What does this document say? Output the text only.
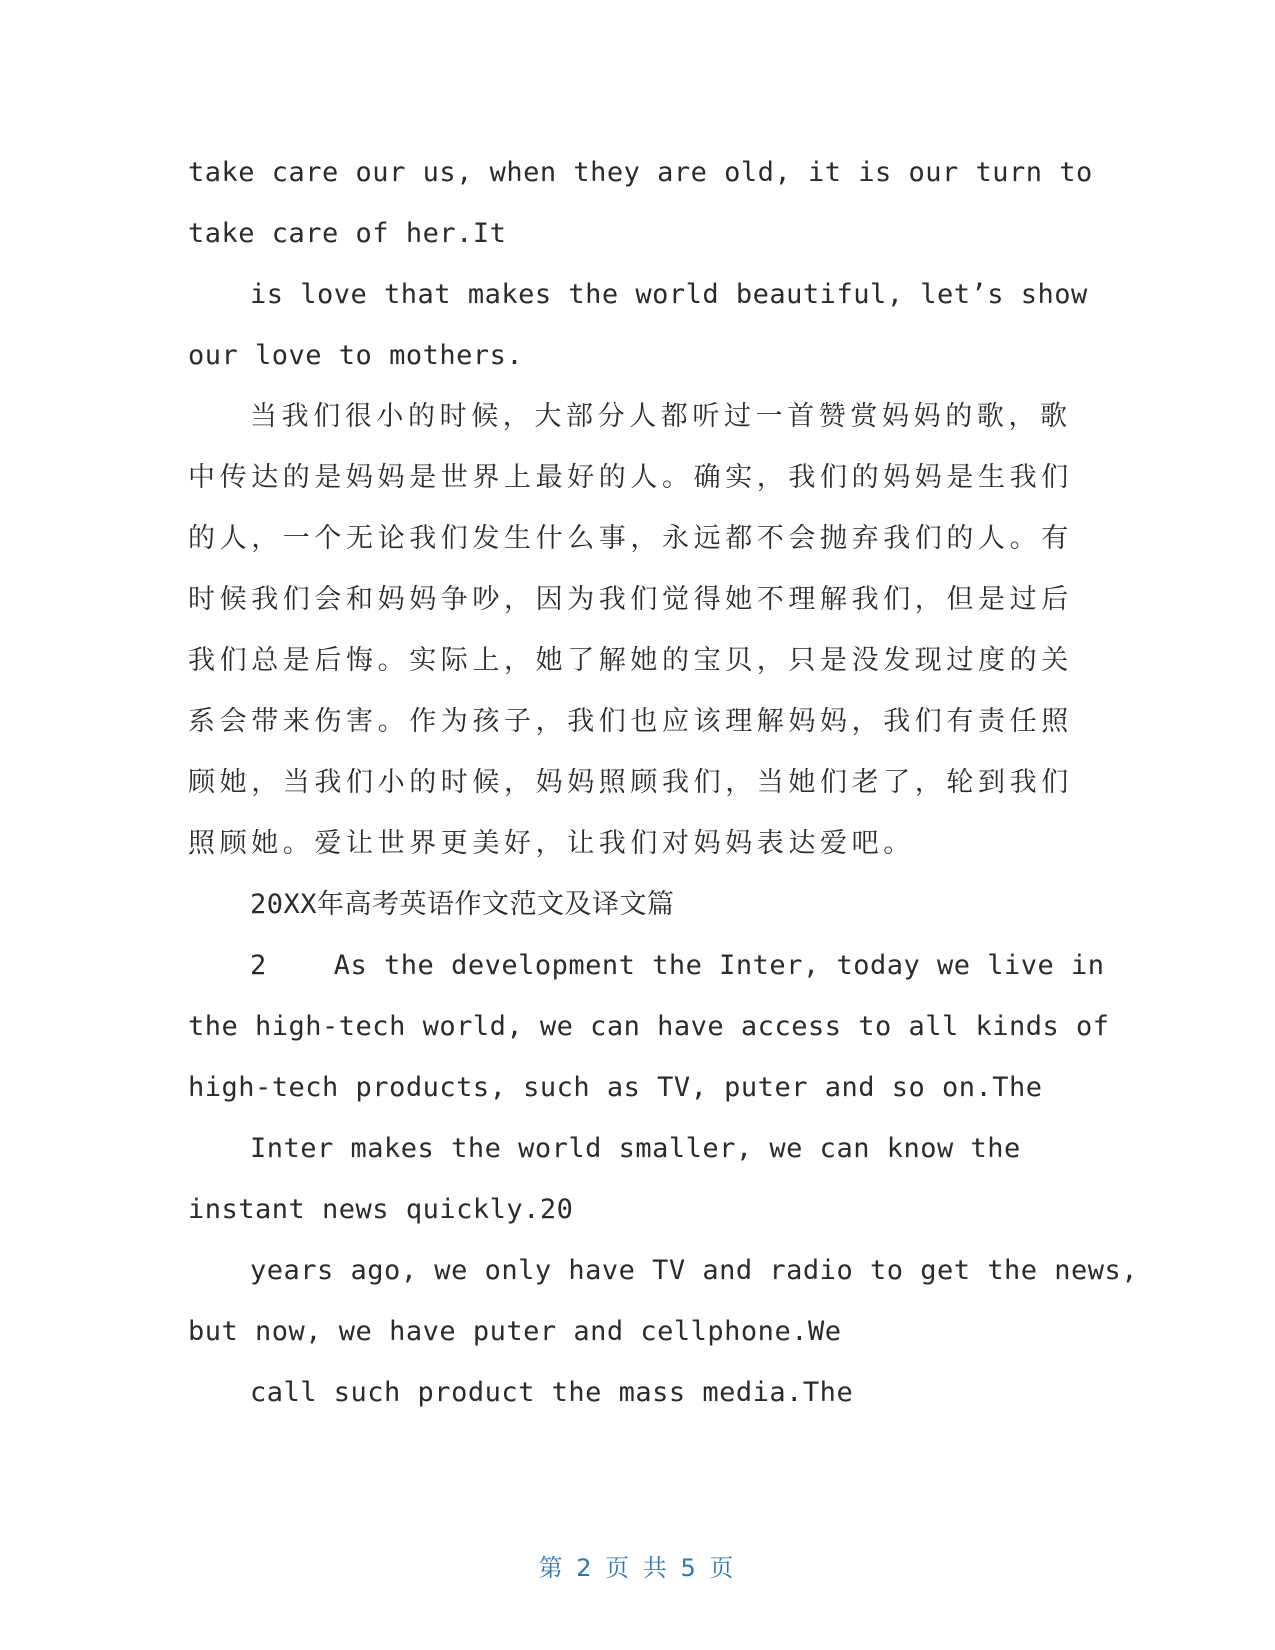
take care our us, when they are old, it is our turn to
take care of her.It
is love that makes the world beautiful, let’s show
our love to mothers.
当我们很小的时候，大部分人都听过一首赞赏妈妈的歌，歌
中传达的是妈妈是世界上最好的人。确实，我们的妈妈是生我们
的人，一个无论我们发生什么事，永远都不会抛弃我们的人。有
时候我们会和妈妈争吵，因为我们觉得她不理解我们，但是过后
我们总是后悔。实际上，她了解她的宝贝，只是没发现过度的关
系会带来伤害。作为孩子，我们也应该理解妈妈，我们有责任照
顾她，当我们小的时候，妈妈照顾我们，当她们老了，轮到我们
照顾她。爱让世界更美好，让我们对妈妈表达爱吧。
20XX年高考英语作文范文及译文篇
2    As the development the Inter, today we live in
the high-tech world, we can have access to all kinds of
high-tech products, such as TV, puter and so on.The
Inter makes the world smaller, we can know the
instant news quickly.20
years ago, we only have TV and radio to get the news,
but now, we have puter and cellphone.We
call such product the mass media.The
第 2 页 共 5 页
